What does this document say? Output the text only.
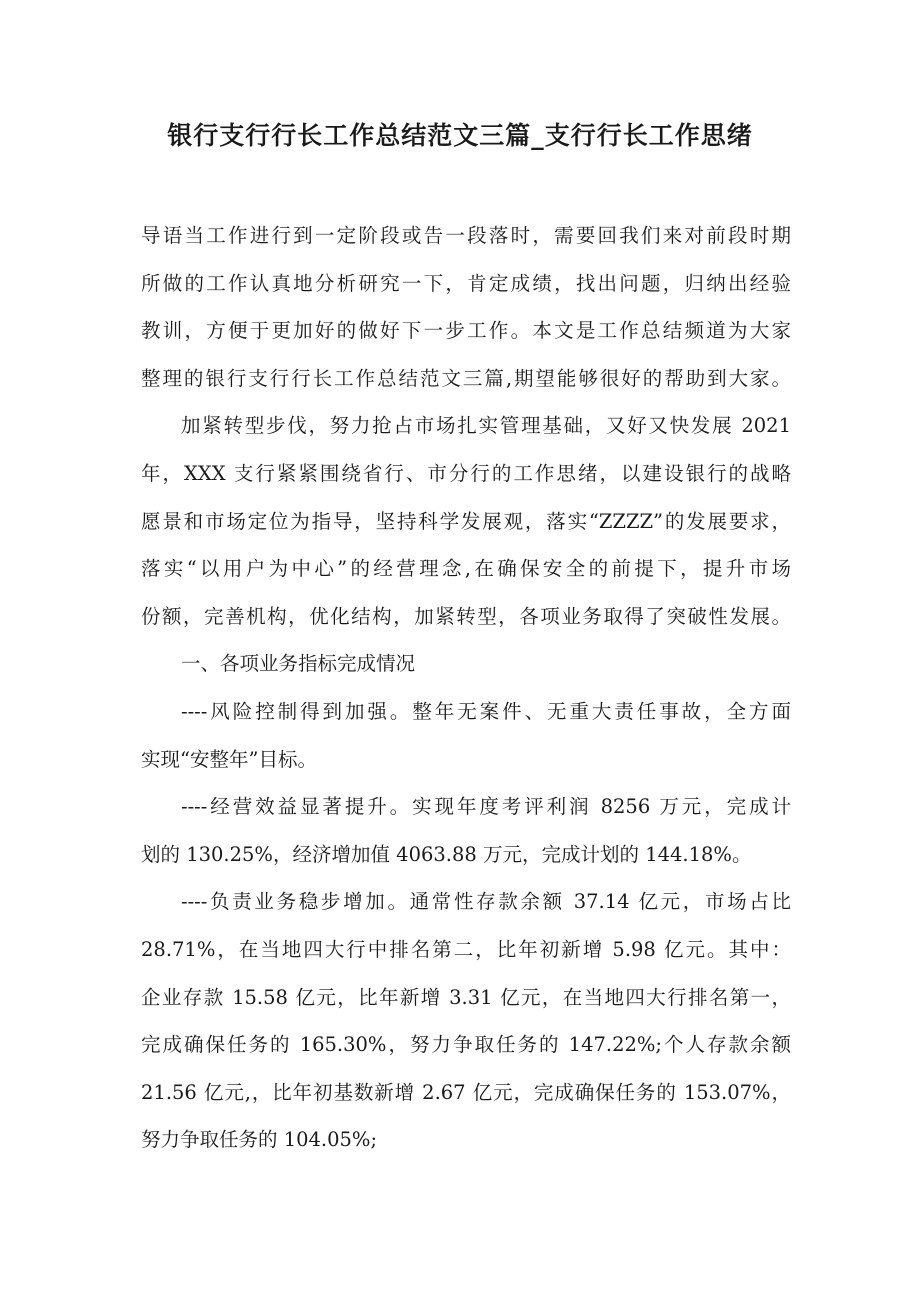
银行支行行长工作总结范文三篇_支行行长工作思绪
导语当工作进行到一定阶段或告一段落时，需要回我们来对前段时期
所做的工作认真地分析研究一下，肯定成绩，找出问题，归纳出经验
教训，方便于更加好的做好下一步工作。本文是工作总结频道为大家
整理的银行支行行长工作总结范文三篇,期望能够很好的帮助到大家。
加紧转型步伐，努力抢占市场扎实管理基础，又好又快发展 2021
年，XXX 支行紧紧围绕省行、市分行的工作思绪，以建设银行的战略
愿景和市场定位为指导，坚持科学发展观，落实“ZZZZ”的发展要求，
落实“以用户为中心”的经营理念,在确保安全的前提下，提升市场
份额，完善机构，优化结构，加紧转型，各项业务取得了突破性发展。
一、各项业务指标完成情况
----风险控制得到加强。整年无案件、无重大责任事故，全方面
实现“安整年”目标。
----经营效益显著提升。实现年度考评利润 8256 万元，完成计
划的 130.25%，经济增加值 4063.88 万元，完成计划的 144.18%。
----负责业务稳步增加。通常性存款余额 37.14 亿元，市场占比
28.71%，在当地四大行中排名第二，比年初新增 5.98 亿元。其中：
企业存款 15.58 亿元，比年新增 3.31 亿元，在当地四大行排名第一，
完成确保任务的 165.30%，努力争取任务的 147.22%;个人存款余额
21.56 亿元,，比年初基数新增 2.67 亿元，完成确保任务的 153.07%，
努力争取任务的 104.05%;
